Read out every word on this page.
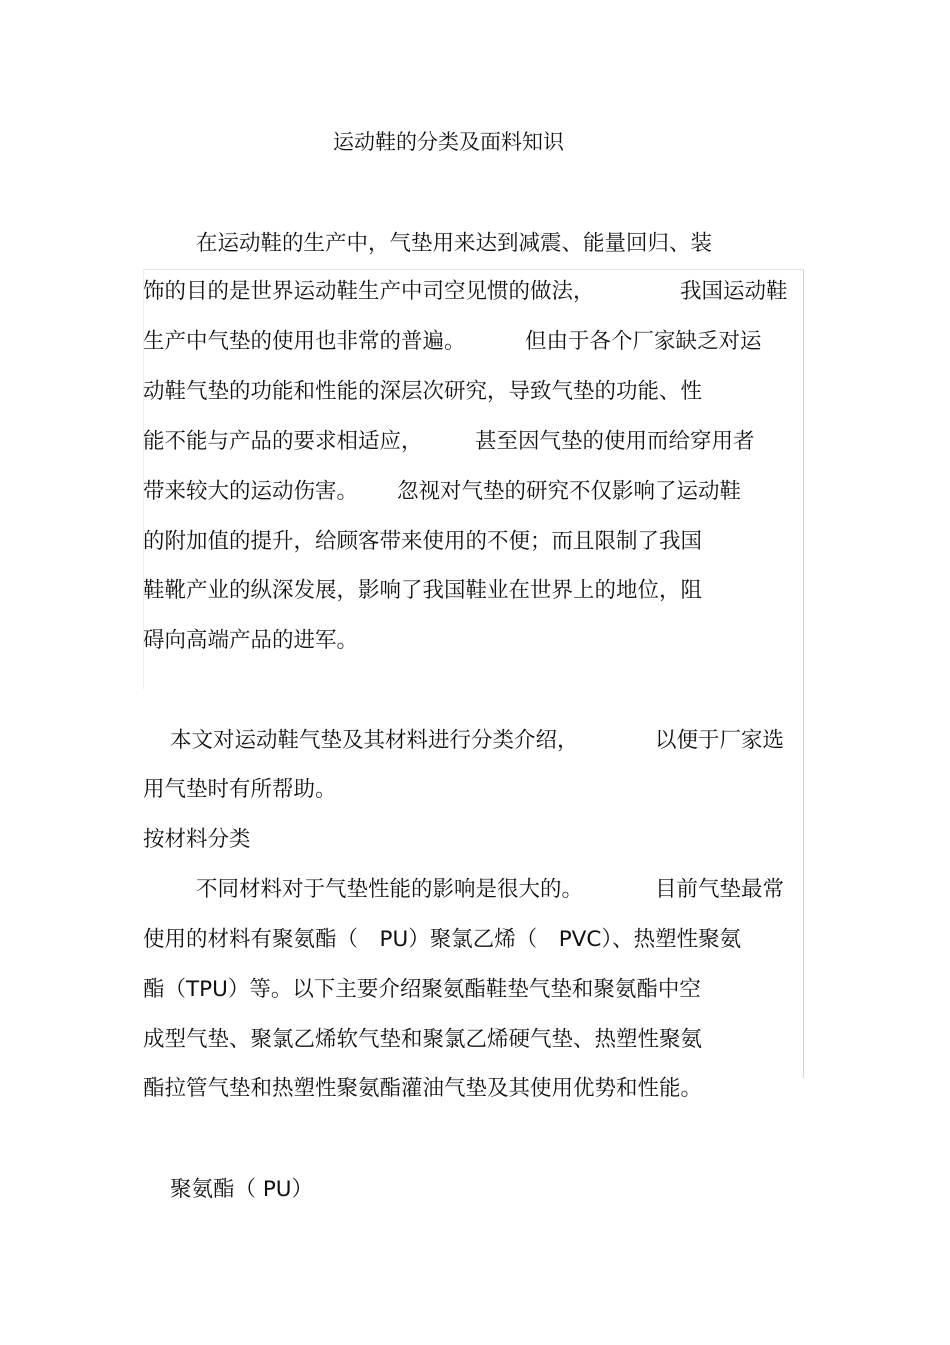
运动鞋的分类及面料知识
在运动鞋的生产中，气垫用来达到减震、能量回归、装
饰的目的是世界运动鞋生产中司空见惯的做法，	我国运动鞋
生产中气垫的使用也非常的普遍。	但由于各个厂家缺乏对运
动鞋气垫的功能和性能的深层次研究，导致气垫的功能、性
能不能与产品的要求相适应， 甚至因气垫的使用而给穿用者
带来较大的运动伤害。 忽视对气垫的研究不仅影响了运动鞋
的附加值的提升，给顾客带来使用的不便；而且限制了我国
鞋靴产业的纵深发展，影响了我国鞋业在世界上的地位，阻
碍向高端产品的进军。
本文对运动鞋气垫及其材料进行分类介绍，	以便于厂家选
用气垫时有所帮助。
按材料分类
不同材料对于气垫性能的影响是很大的。	目前气垫最常
使用的材料有聚氨酯（　PU）聚氯乙烯（　PVC）、热塑性聚氨
酯（TPU）等。以下主要介绍聚氨酯鞋垫气垫和聚氨酯中空
成型气垫、聚氯乙烯软气垫和聚氯乙烯硬气垫、热塑性聚氨
酯拉管气垫和热塑性聚氨酯灌油气垫及其使用优势和性能。
聚氨酯（ PU）
